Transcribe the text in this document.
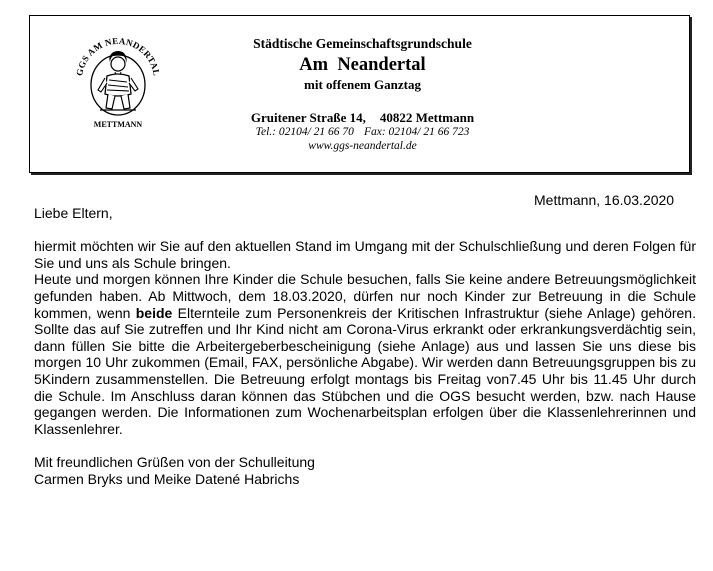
GGS AM NEANDERTAL
METTMANN
Städtische Gemeinschaftsgrundschule
Am  Neandertal
mit offenem Ganztag
Gruitener Straße 14, 40822 Mettmann
Tel.: 02104/ 21 66 70 Fax: 02104/ 21 66 723
www.ggs-neandertal.de
Mettmann, 16.03.2020

Liebe Eltern,

hiermit möchten wir Sie auf den aktuellen Stand im Umgang mit der Schulschließung und deren Folgen für Sie und uns als Schule bringen.

Heute und morgen können Ihre Kinder die Schule besuchen, falls Sie keine andere Betreuungsmöglichkeit gefunden haben. Ab Mittwoch, dem 18.03.2020, dürfen nur noch Kinder zur Betreuung in die Schule kommen, wenn beide Elternteile zum Personenkreis der Kritischen Infrastruktur (siehe Anlage) gehören. Sollte das auf Sie zutreffen und Ihr Kind nicht am Corona-Virus erkrankt oder erkrankungsverdächtig sein, dann füllen Sie bitte die Arbeitergeberbescheinigung (siehe Anlage) aus und lassen Sie uns diese bis morgen 10 Uhr zukommen (Email, FAX, persönliche Abgabe). Wir werden dann Betreuungsgruppen bis zu 5Kindern zusammenstellen. Die Betreuung erfolgt montags bis Freitag von7.45 Uhr bis 11.45 Uhr durch die Schule. Im Anschluss daran können das Stübchen und die OGS besucht werden, bzw. nach Hause gegangen werden. Die Informationen zum Wochenarbeitsplan erfolgen über die Klassenlehrerinnen und Klassenlehrer.

Mit freundlichen Grüßen von der Schulleitung

Carmen Bryks und Meike Datené Habrichs
